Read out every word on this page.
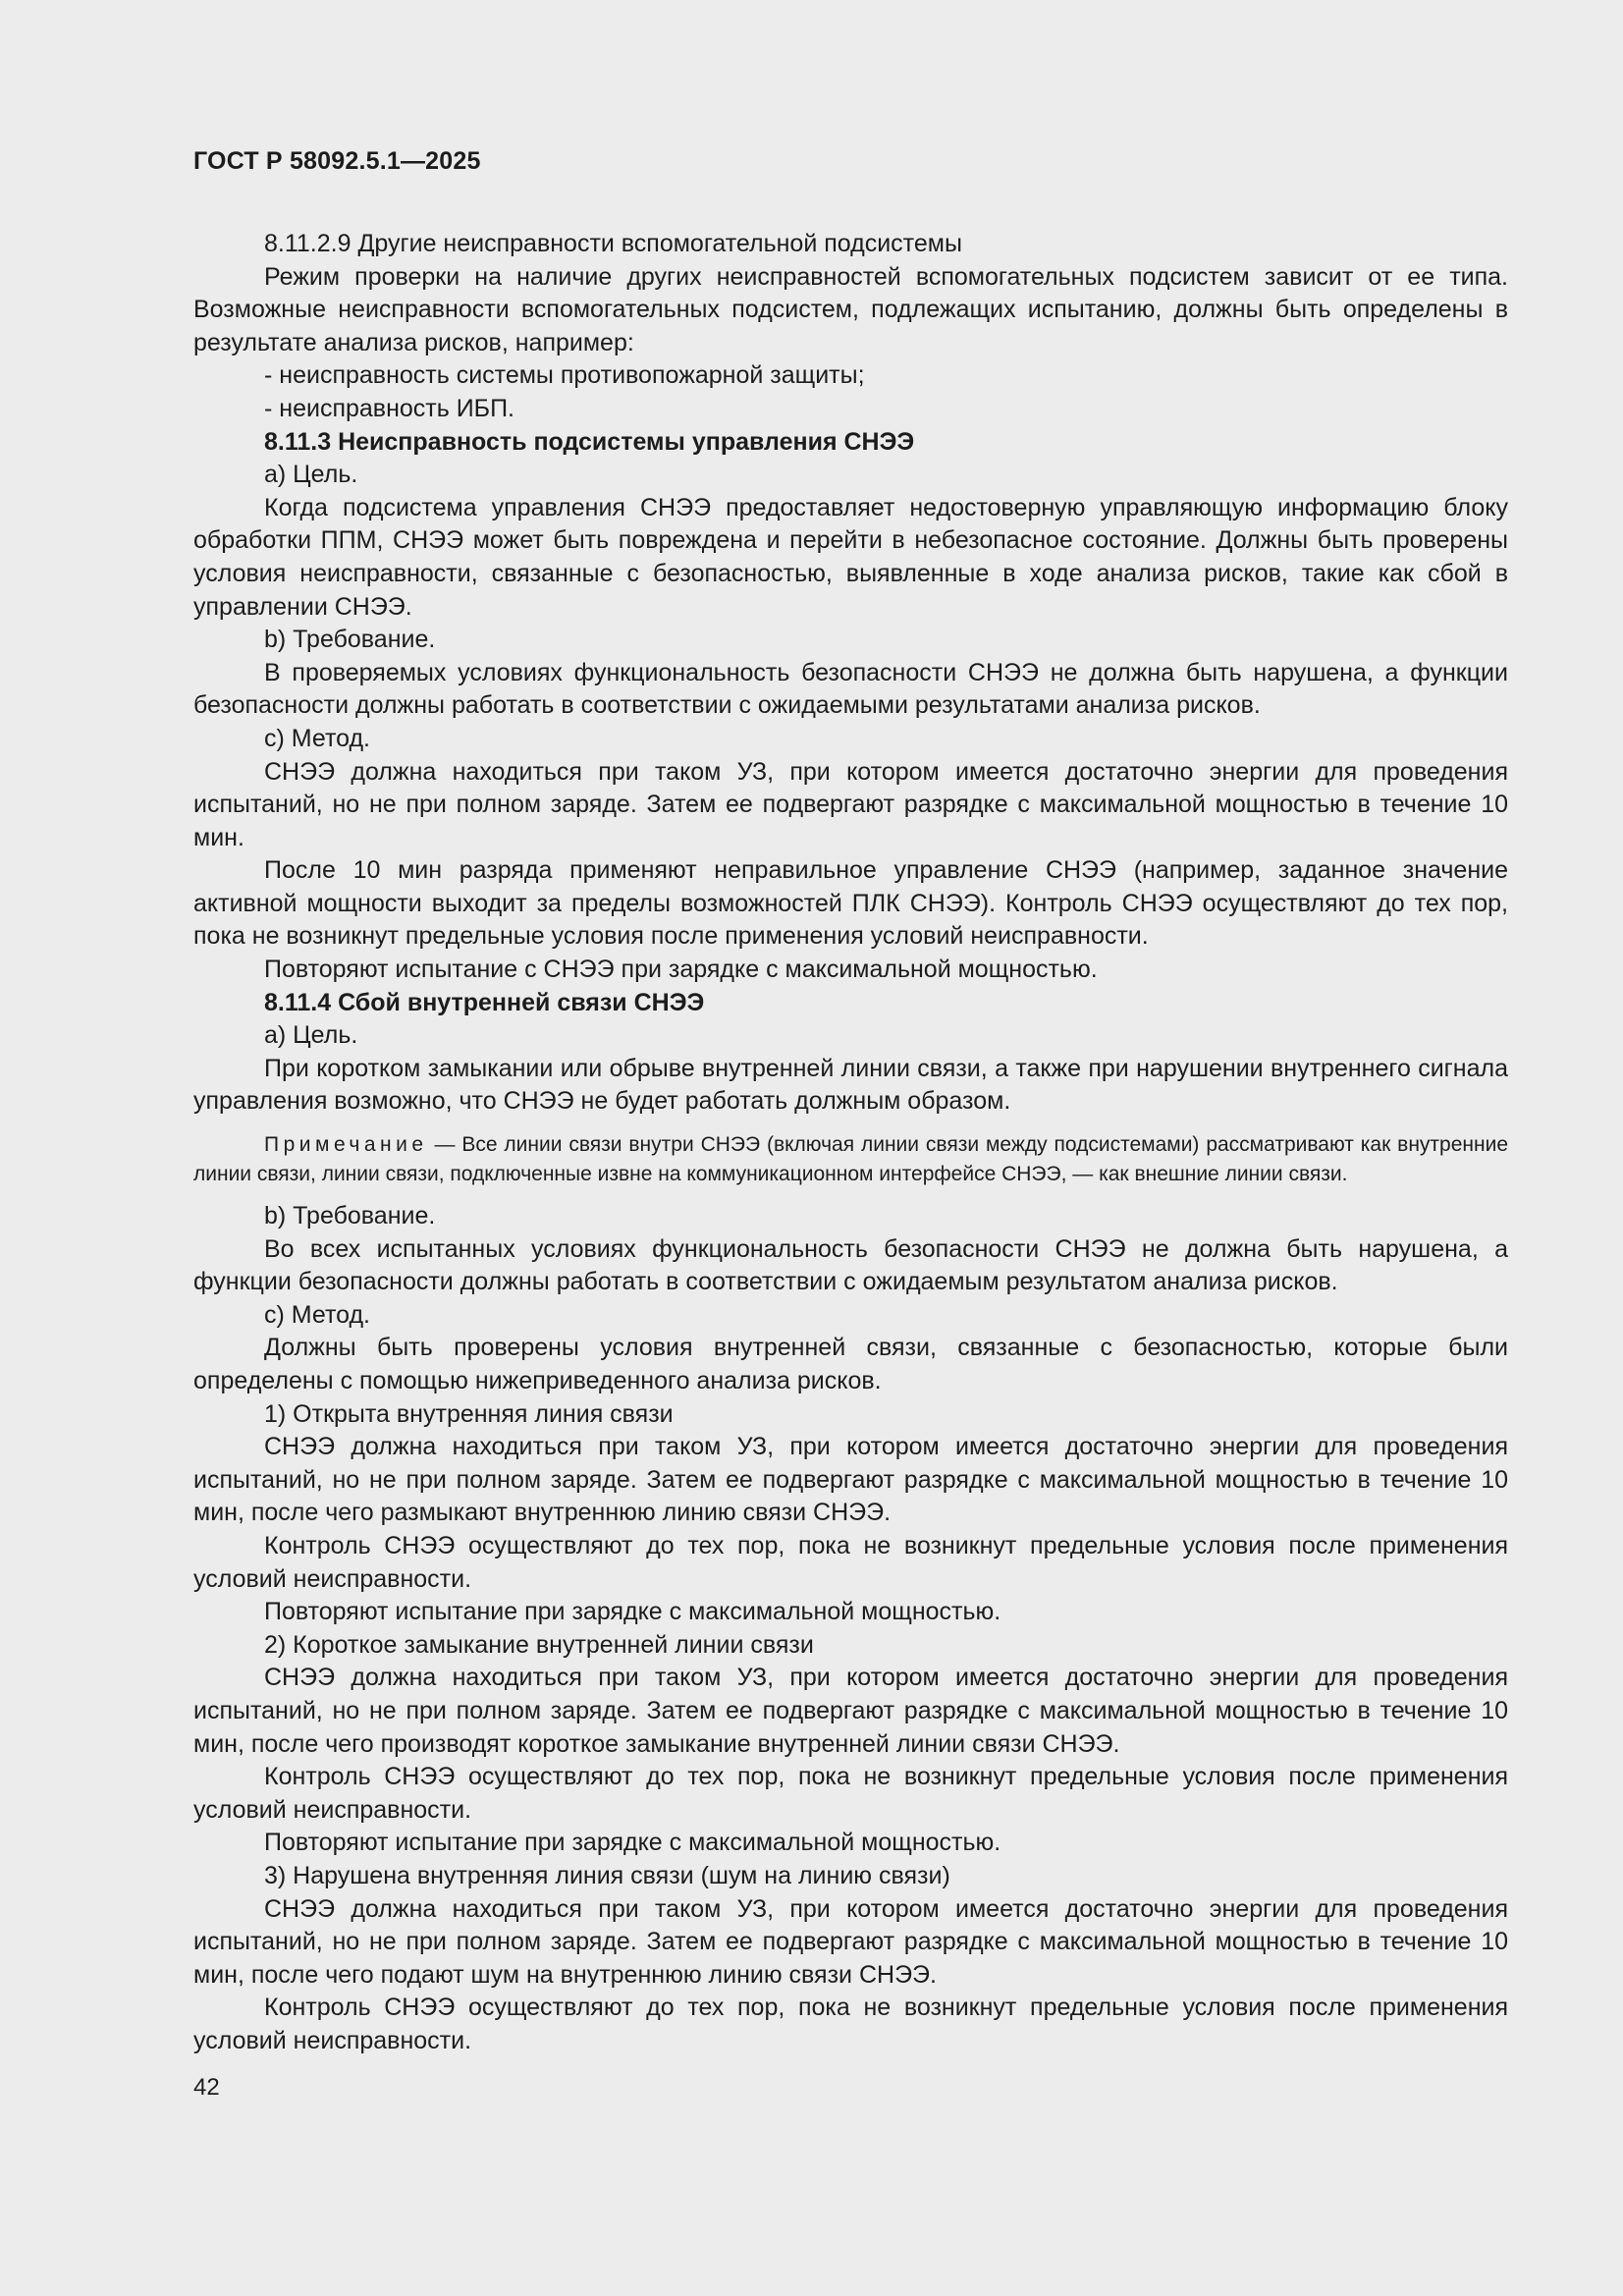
ГОСТ Р 58092.5.1—2025

8.11.2.9 Другие неисправности вспомогательной подсистемы

Режим проверки на наличие других неисправностей вспомогательных подсистем зависит от ее типа. Возможные неисправности вспомогательных подсистем, подлежащих испытанию, должны быть определены в результате анализа рисков, например:

- неисправность системы противопожарной защиты;

- неисправность ИБП.

8.11.3 Неисправность подсистемы управления СНЭЭ

a) Цель.

Когда подсистема управления СНЭЭ предоставляет недостоверную управляющую информацию блоку обработки ППМ, СНЭЭ может быть повреждена и перейти в небезопасное состояние. Должны быть проверены условия неисправности, связанные с безопасностью, выявленные в ходе анализа рисков, такие как сбой в управлении СНЭЭ.

b) Требование.

В проверяемых условиях функциональность безопасности СНЭЭ не должна быть нарушена, а функции безопасности должны работать в соответствии с ожидаемыми результатами анализа рисков.

c) Метод.

СНЭЭ должна находиться при таком УЗ, при котором имеется достаточно энергии для проведения испытаний, но не при полном заряде. Затем ее подвергают разрядке с максимальной мощностью в течение 10 мин.

После 10 мин разряда применяют неправильное управление СНЭЭ (например, заданное значение активной мощности выходит за пределы возможностей ПЛК СНЭЭ). Контроль СНЭЭ осуществляют до тех пор, пока не возникнут предельные условия после применения условий неисправности.

Повторяют испытание с СНЭЭ при зарядке с максимальной мощностью.

8.11.4 Сбой внутренней связи СНЭЭ

a) Цель.

При коротком замыкании или обрыве внутренней линии связи, а также при нарушении внутреннего сигнала управления возможно, что СНЭЭ не будет работать должным образом.

Примечание — Все линии связи внутри СНЭЭ (включая линии связи между подсистемами) рассматривают как внутренние линии связи, линии связи, подключенные извне на коммуникационном интерфейсе СНЭЭ, — как внешние линии связи.

b) Требование.

Во всех испытанных условиях функциональность безопасности СНЭЭ не должна быть нарушена, а функции безопасности должны работать в соответствии с ожидаемым результатом анализа рисков.

c) Метод.

Должны быть проверены условия внутренней связи, связанные с безопасностью, которые были определены с помощью нижеприведенного анализа рисков.

1) Открыта внутренняя линия связи

СНЭЭ должна находиться при таком УЗ, при котором имеется достаточно энергии для проведения испытаний, но не при полном заряде. Затем ее подвергают разрядке с максимальной мощностью в течение 10 мин, после чего размыкают внутреннюю линию связи СНЭЭ.

Контроль СНЭЭ осуществляют до тех пор, пока не возникнут предельные условия после применения условий неисправности.

Повторяют испытание при зарядке с максимальной мощностью.

2) Короткое замыкание внутренней линии связи

СНЭЭ должна находиться при таком УЗ, при котором имеется достаточно энергии для проведения испытаний, но не при полном заряде. Затем ее подвергают разрядке с максимальной мощностью в течение 10 мин, после чего производят короткое замыкание внутренней линии связи СНЭЭ.

Контроль СНЭЭ осуществляют до тех пор, пока не возникнут предельные условия после применения условий неисправности.

Повторяют испытание при зарядке с максимальной мощностью.

3) Нарушена внутренняя линия связи (шум на линию связи)

СНЭЭ должна находиться при таком УЗ, при котором имеется достаточно энергии для проведения испытаний, но не при полном заряде. Затем ее подвергают разрядке с максимальной мощностью в течение 10 мин, после чего подают шум на внутреннюю линию связи СНЭЭ.

Контроль СНЭЭ осуществляют до тех пор, пока не возникнут предельные условия после применения условий неисправности.

42
